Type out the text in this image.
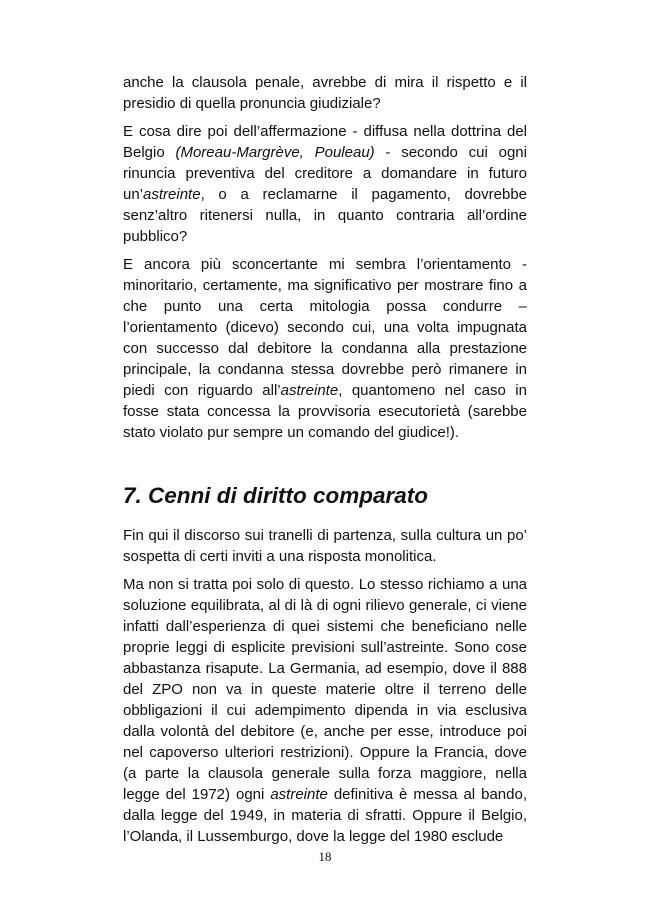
anche la clausola penale, avrebbe di mira il rispetto e il presidio di quella pronuncia giudiziale?

E cosa dire poi dell’affermazione - diffusa nella dottrina del Belgio (Moreau-Margrève, Pouleau) - secondo cui ogni rinuncia preventiva del creditore a domandare in futuro un’astreinte, o a reclamarne il pagamento, dovrebbe senz’altro ritenersi nulla, in quanto contraria all’ordine pubblico?

E ancora più sconcertante mi sembra l’orientamento - minoritario, certamente, ma significativo per mostrare fino a che punto una certa mitologia possa condurre – l’orientamento (dicevo) secondo cui, una volta impugnata con successo dal debitore la condanna alla prestazione principale, la condanna stessa dovrebbe però rimanere in piedi con riguardo all’astreinte, quantomeno nel caso in fosse stata concessa la provvisoria esecutorietà (sarebbe stato violato pur sempre un comando del giudice!).

7. Cenni di diritto comparato

Fin qui il discorso sui tranelli di partenza, sulla cultura un po’ sospetta di certi inviti a una risposta monolitica.

Ma non si tratta poi solo di questo. Lo stesso richiamo a una soluzione equilibrata, al di là di ogni rilievo generale, ci viene infatti dall’esperienza di quei sistemi che beneficiano nelle proprie leggi di esplicite previsioni sull’astreinte. Sono cose abbastanza risapute. La Germania, ad esempio, dove il 888 del ZPO non va in queste materie oltre il terreno delle obbligazioni il cui adempimento dipenda in via esclusiva dalla volontà del debitore (e, anche per esse, introduce poi nel capoverso ulteriori restrizioni). Oppure la Francia, dove (a parte la clausola generale sulla forza maggiore, nella legge del 1972) ogni astreinte definitiva è messa al bando, dalla legge del 1949, in materia di sfratti. Oppure il Belgio, l’Olanda, il Lussemburgo, dove la legge del 1980 esclude

18
